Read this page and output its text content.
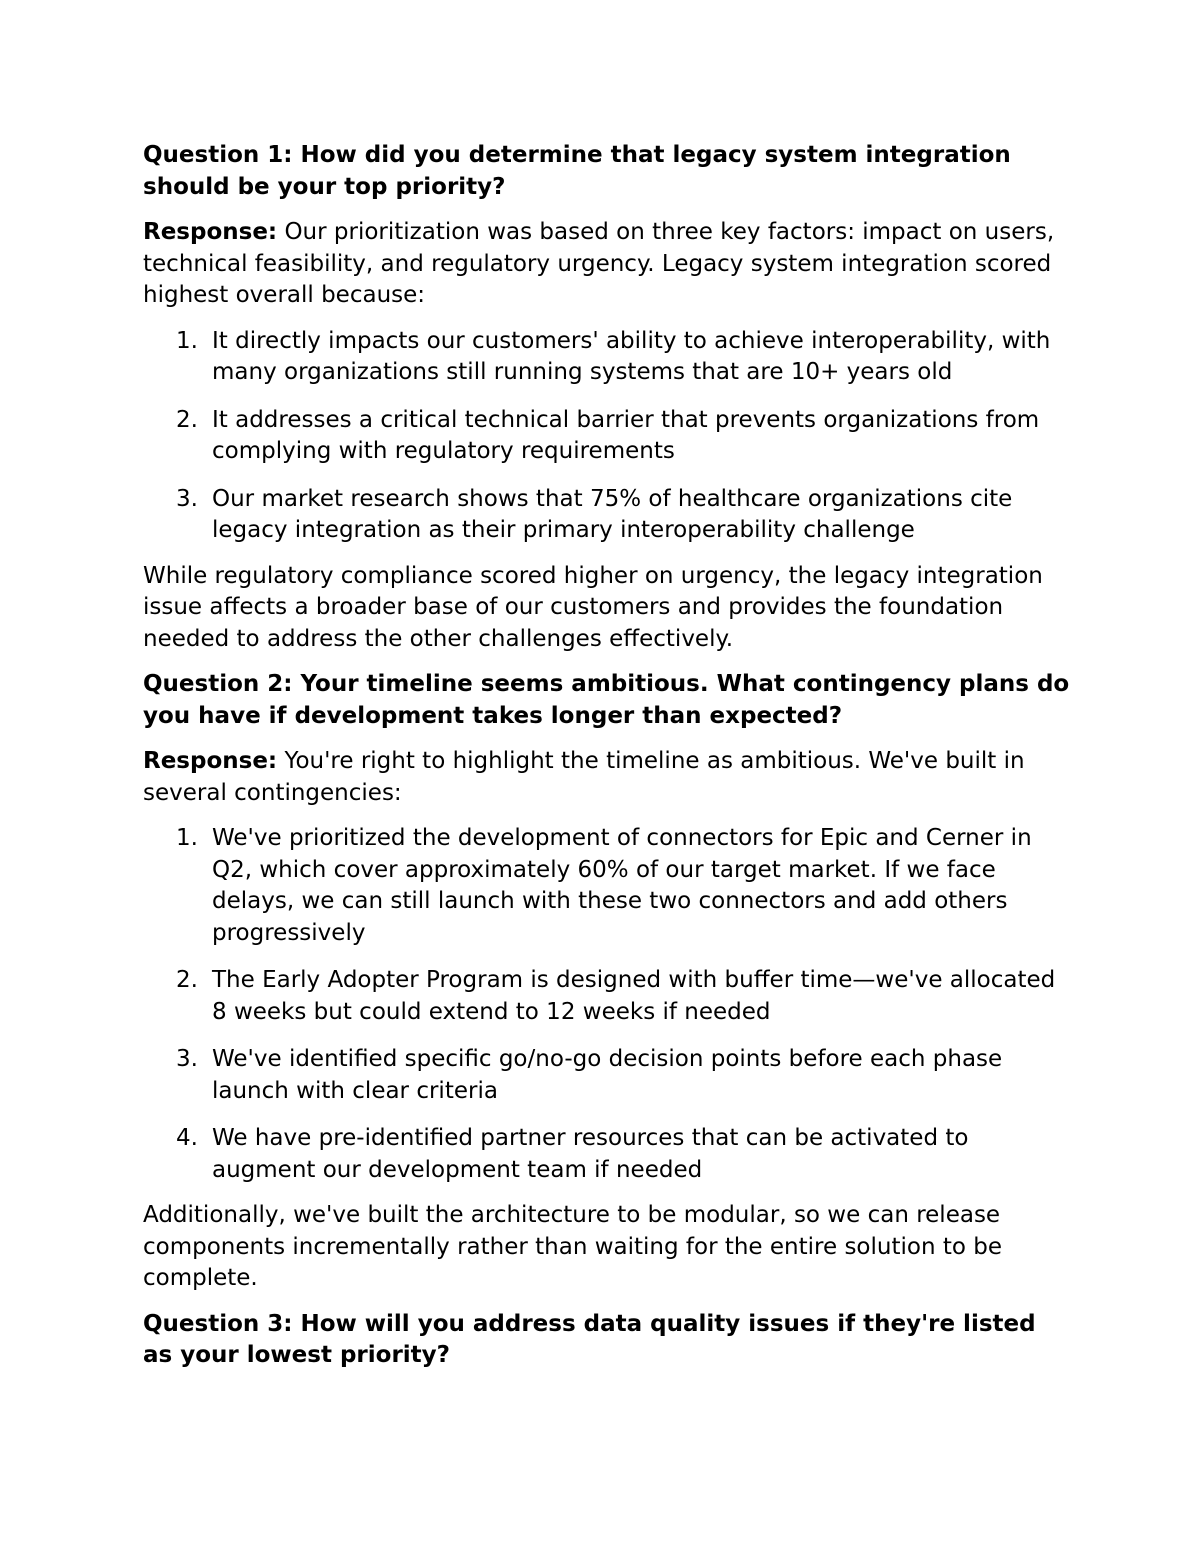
Question 1: How did you determine that legacy system integration should be your top priority?

Response: Our prioritization was based on three key factors: impact on users, technical feasibility, and regulatory urgency. Legacy system integration scored highest overall because:

1. It directly impacts our customers' ability to achieve interoperability, with many organizations still running systems that are 10+ years old
2. It addresses a critical technical barrier that prevents organizations from complying with regulatory requirements
3. Our market research shows that 75% of healthcare organizations cite legacy integration as their primary interoperability challenge

While regulatory compliance scored higher on urgency, the legacy integration issue affects a broader base of our customers and provides the foundation needed to address the other challenges effectively.

Question 2: Your timeline seems ambitious. What contingency plans do you have if development takes longer than expected?

Response: You're right to highlight the timeline as ambitious. We've built in several contingencies:

1. We've prioritized the development of connectors for Epic and Cerner in Q2, which cover approximately 60% of our target market. If we face delays, we can still launch with these two connectors and add others progressively
2. The Early Adopter Program is designed with buffer time—we've allocated 8 weeks but could extend to 12 weeks if needed
3. We've identified specific go/no-go decision points before each phase launch with clear criteria
4. We have pre-identified partner resources that can be activated to augment our development team if needed

Additionally, we've built the architecture to be modular, so we can release components incrementally rather than waiting for the entire solution to be complete.

Question 3: How will you address data quality issues if they're listed as your lowest priority?
